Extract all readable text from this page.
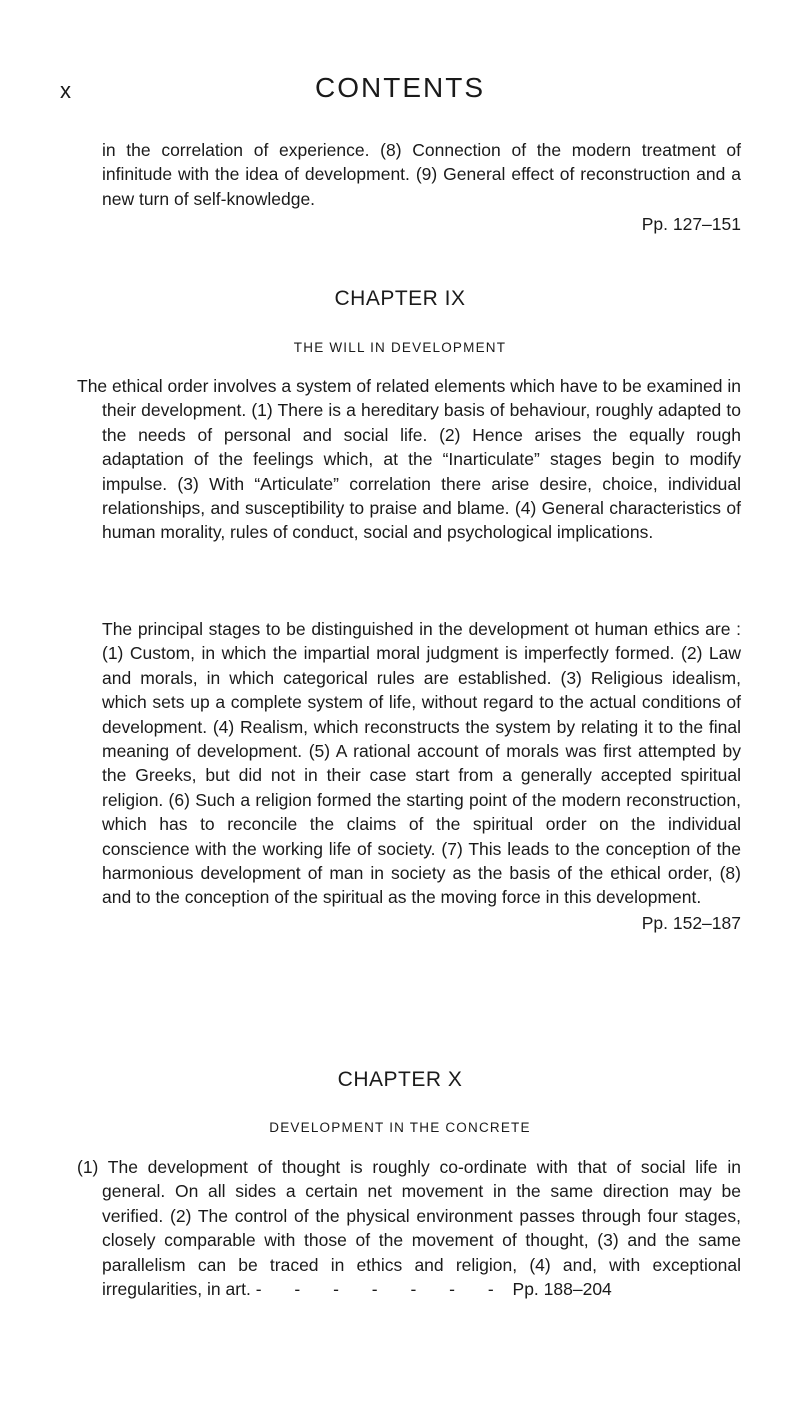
x	CONTENTS
in the correlation of experience. (8) Connection of the modern treatment of infinitude with the idea of development. (9) General effect of reconstruction and a new turn of self-knowledge.
Pp. 127–151
CHAPTER IX
THE WILL IN DEVELOPMENT
The ethical order involves a system of related elements which have to be examined in their development. (1) There is a hereditary basis of behaviour, roughly adapted to the needs of personal and social life. (2) Hence arises the equally rough adaptation of the feelings which, at the “Inarticulate” stages begin to modify impulse. (3) With “Articulate” correlation there arise desire, choice, individual relationships, and susceptibility to praise and blame. (4) General characteristics of human morality, rules of conduct, social and psychological implications.
The principal stages to be distinguished in the development ot human ethics are : (1) Custom, in which the impartial moral judgment is imperfectly formed. (2) Law and morals, in which categorical rules are established. (3) Religious idealism, which sets up a complete system of life, without regard to the actual conditions of development. (4) Realism, which reconstructs the system by relating it to the final meaning of development. (5) A rational account of morals was first attempted by the Greeks, but did not in their case start from a generally accepted spiritual religion. (6) Such a religion formed the starting point of the modern reconstruction, which has to reconcile the claims of the spiritual order on the individual conscience with the working life of society. (7) This leads to the conception of the harmonious development of man in society as the basis of the ethical order, (8) and to the conception of the spiritual as the moving force in this development.
Pp. 152–187
CHAPTER X
DEVELOPMENT IN THE CONCRETE
(1) The development of thought is roughly co-ordinate with that of social life in general. On all sides a certain net movement in the same direction may be verified. (2) The control of the physical environment passes through four stages, closely comparable with those of the movement of thought, (3) and the same parallelism can be traced in ethics and religion, (4) and, with exceptional irregularities, in art. - - - - - - - Pp. 188–204
